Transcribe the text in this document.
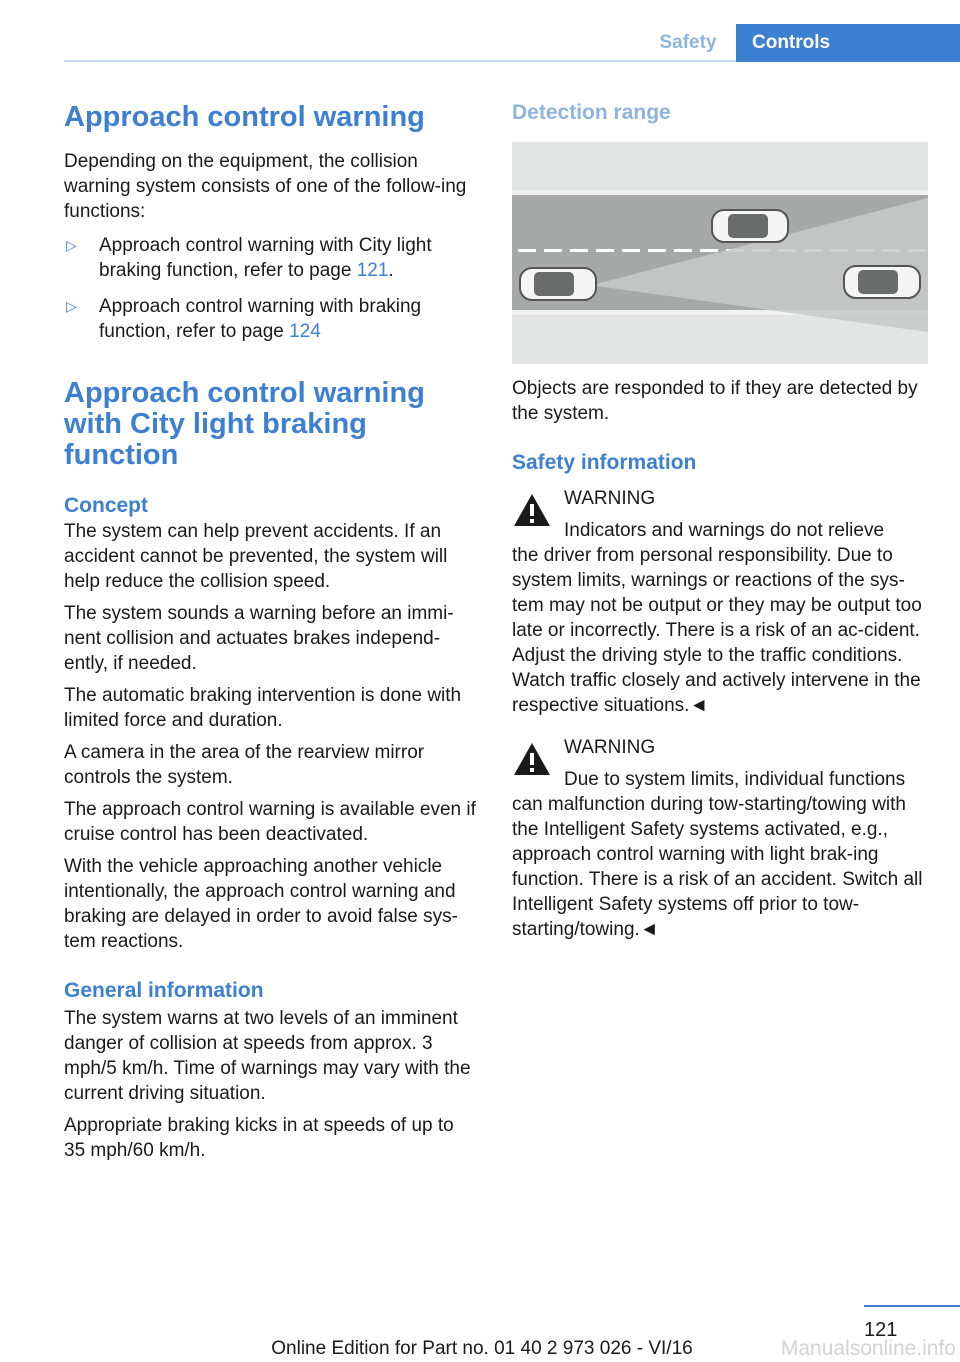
Safety	Controls
Approach control warning

Depending on the equipment, the collision warning system consists of one of the follow-ing functions:

▷ Approach control warning with City light braking function, refer to page 121.
▷ Approach control warning with braking function, refer to page 124
Approach control warning with City light braking function
Concept

The system can help prevent accidents. If an accident cannot be prevented, the system will help reduce the collision speed.

The system sounds a warning before an immi-nent collision and actuates brakes independ-ently, if needed.

The automatic braking intervention is done with limited force and duration.

A camera in the area of the rearview mirror controls the system.

The approach control warning is available even if cruise control has been deactivated.

With the vehicle approaching another vehicle intentionally, the approach control warning and braking are delayed in order to avoid false sys-tem reactions.

General information

The system warns at two levels of an imminent danger of collision at speeds from approx. 3 mph/5 km/h. Time of warnings may vary with the current driving situation.

Appropriate braking kicks in at speeds of up to 35 mph/60 km/h.

Detection range

Objects are responded to if they are detected by the system.

Safety information

WARNING

Indicators and warnings do not relieve

the driver from personal responsibility. Due to system limits, warnings or reactions of the sys-tem may not be output or they may be output too late or incorrectly. There is a risk of an ac-cident. Adjust the driving style to the traffic conditions. Watch traffic closely and actively intervene in the respective situations.◄

WARNING

Due to system limits, individual functions

can malfunction during tow-starting/towing with the Intelligent Safety systems activated, e.g., approach control warning with light brak-ing function. There is a risk of an accident. Switch all Intelligent Safety systems off prior to tow-starting/towing.◄

121
Online Edition for Part no. 01 40 2 973 026 - VI/16	Manualsonline.info
